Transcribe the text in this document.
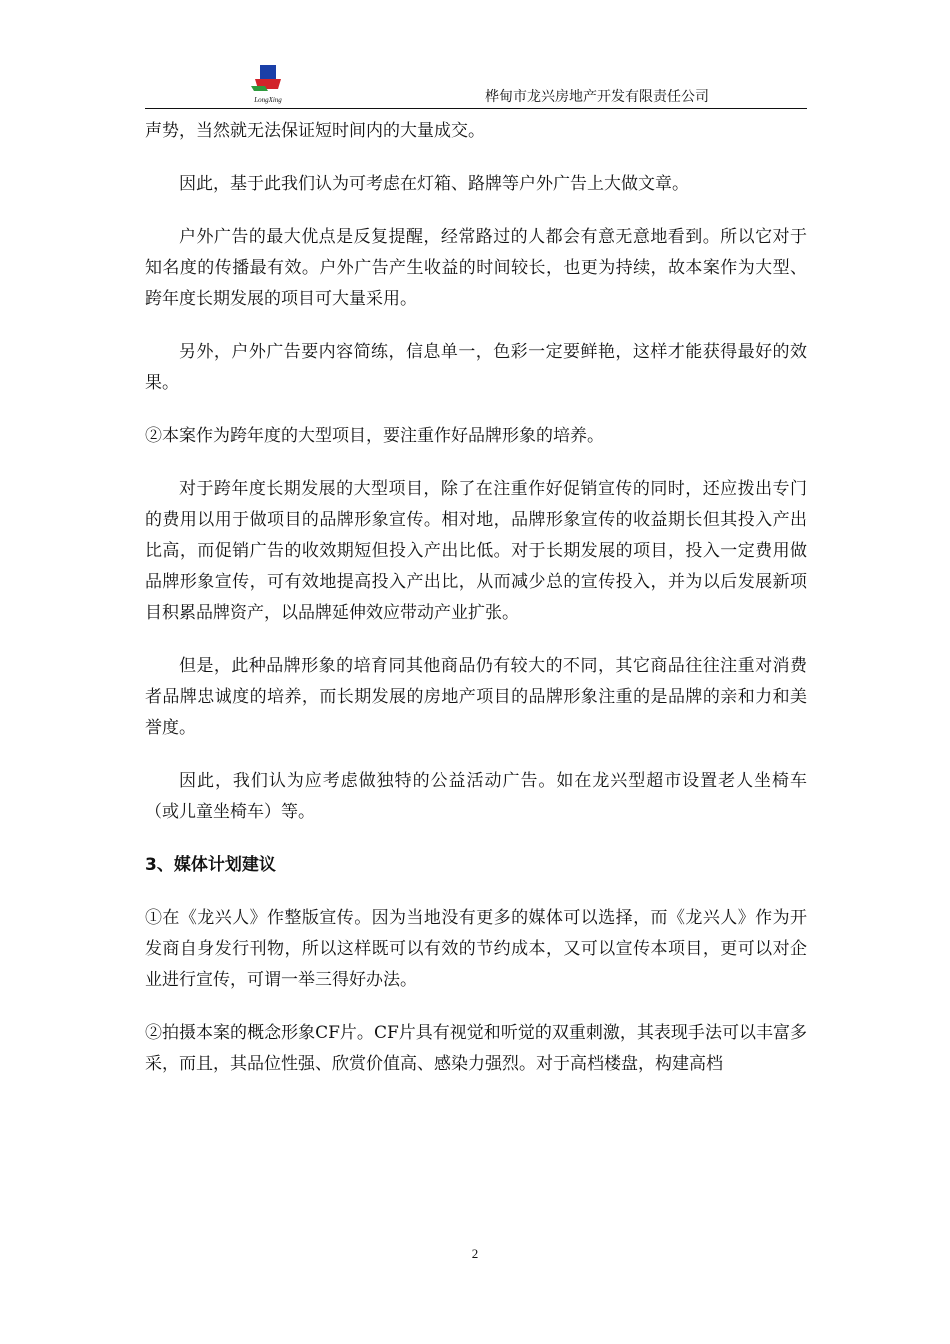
LongXing	桦甸市龙兴房地产开发有限责任公司

声势，当然就无法保证短时间内的大量成交。

因此，基于此我们认为可考虑在灯箱、路牌等户外广告上大做文章。

户外广告的最大优点是反复提醒，经常路过的人都会有意无意地看到。所以它对于知名度的传播最有效。户外广告产生收益的时间较长，也更为持续，故本案作为大型、跨年度长期发展的项目可大量采用。

另外，户外广告要内容简练，信息单一，色彩一定要鲜艳，这样才能获得最好的效果。

②本案作为跨年度的大型项目，要注重作好品牌形象的培养。

对于跨年度长期发展的大型项目，除了在注重作好促销宣传的同时，还应拨出专门的费用以用于做项目的品牌形象宣传。相对地，品牌形象宣传的收益期长但其投入产出比高，而促销广告的收效期短但投入产出比低。对于长期发展的项目，投入一定费用做品牌形象宣传，可有效地提高投入产出比，从而减少总的宣传投入，并为以后发展新项目积累品牌资产，以品牌延伸效应带动产业扩张。

但是，此种品牌形象的培育同其他商品仍有较大的不同，其它商品往往注重对消费者品牌忠诚度的培养，而长期发展的房地产项目的品牌形象注重的是品牌的亲和力和美誉度。

因此，我们认为应考虑做独特的公益活动广告。如在龙兴型超市设置老人坐椅车（或儿童坐椅车）等。

3、媒体计划建议

①在《龙兴人》作整版宣传。因为当地没有更多的媒体可以选择，而《龙兴人》作为开发商自身发行刊物，所以这样既可以有效的节约成本，又可以宣传本项目，更可以对企业进行宣传，可谓一举三得好办法。

②拍摄本案的概念形象CF片。CF片具有视觉和听觉的双重刺激，其表现手法可以丰富多采，而且，其品位性强、欣赏价值高、感染力强烈。对于高档楼盘，构建高档

2
